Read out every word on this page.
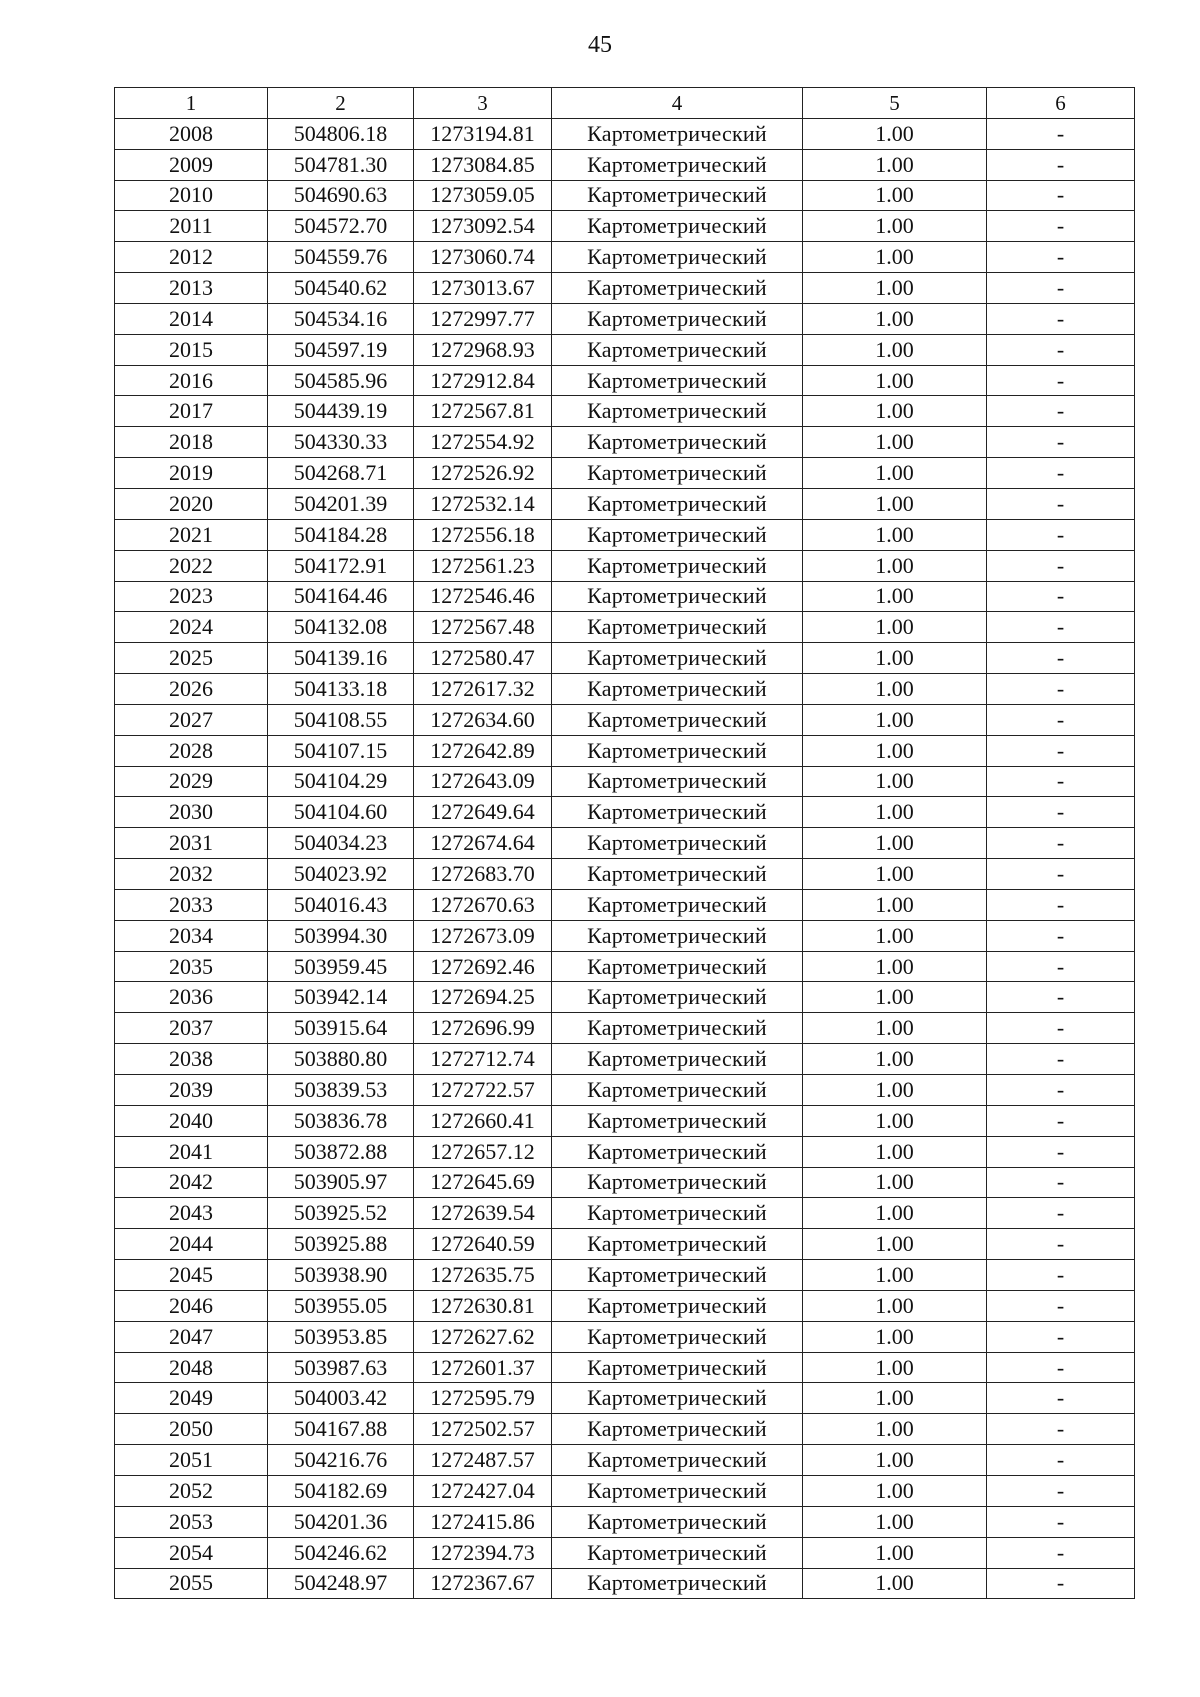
45
1	2	3	4	5	6
2008	504806.18	1273194.81	Картометрический	1.00	-
2009	504781.30	1273084.85	Картометрический	1.00	-
2010	504690.63	1273059.05	Картометрический	1.00	-
2011	504572.70	1273092.54	Картометрический	1.00	-
2012	504559.76	1273060.74	Картометрический	1.00	-
2013	504540.62	1273013.67	Картометрический	1.00	-
2014	504534.16	1272997.77	Картометрический	1.00	-
2015	504597.19	1272968.93	Картометрический	1.00	-
2016	504585.96	1272912.84	Картометрический	1.00	-
2017	504439.19	1272567.81	Картометрический	1.00	-
2018	504330.33	1272554.92	Картометрический	1.00	-
2019	504268.71	1272526.92	Картометрический	1.00	-
2020	504201.39	1272532.14	Картометрический	1.00	-
2021	504184.28	1272556.18	Картометрический	1.00	-
2022	504172.91	1272561.23	Картометрический	1.00	-
2023	504164.46	1272546.46	Картометрический	1.00	-
2024	504132.08	1272567.48	Картометрический	1.00	-
2025	504139.16	1272580.47	Картометрический	1.00	-
2026	504133.18	1272617.32	Картометрический	1.00	-
2027	504108.55	1272634.60	Картометрический	1.00	-
2028	504107.15	1272642.89	Картометрический	1.00	-
2029	504104.29	1272643.09	Картометрический	1.00	-
2030	504104.60	1272649.64	Картометрический	1.00	-
2031	504034.23	1272674.64	Картометрический	1.00	-
2032	504023.92	1272683.70	Картометрический	1.00	-
2033	504016.43	1272670.63	Картометрический	1.00	-
2034	503994.30	1272673.09	Картометрический	1.00	-
2035	503959.45	1272692.46	Картометрический	1.00	-
2036	503942.14	1272694.25	Картометрический	1.00	-
2037	503915.64	1272696.99	Картометрический	1.00	-
2038	503880.80	1272712.74	Картометрический	1.00	-
2039	503839.53	1272722.57	Картометрический	1.00	-
2040	503836.78	1272660.41	Картометрический	1.00	-
2041	503872.88	1272657.12	Картометрический	1.00	-
2042	503905.97	1272645.69	Картометрический	1.00	-
2043	503925.52	1272639.54	Картометрический	1.00	-
2044	503925.88	1272640.59	Картометрический	1.00	-
2045	503938.90	1272635.75	Картометрический	1.00	-
2046	503955.05	1272630.81	Картометрический	1.00	-
2047	503953.85	1272627.62	Картометрический	1.00	-
2048	503987.63	1272601.37	Картометрический	1.00	-
2049	504003.42	1272595.79	Картометрический	1.00	-
2050	504167.88	1272502.57	Картометрический	1.00	-
2051	504216.76	1272487.57	Картометрический	1.00	-
2052	504182.69	1272427.04	Картометрический	1.00	-
2053	504201.36	1272415.86	Картометрический	1.00	-
2054	504246.62	1272394.73	Картометрический	1.00	-
2055	504248.97	1272367.67	Картометрический	1.00	-
